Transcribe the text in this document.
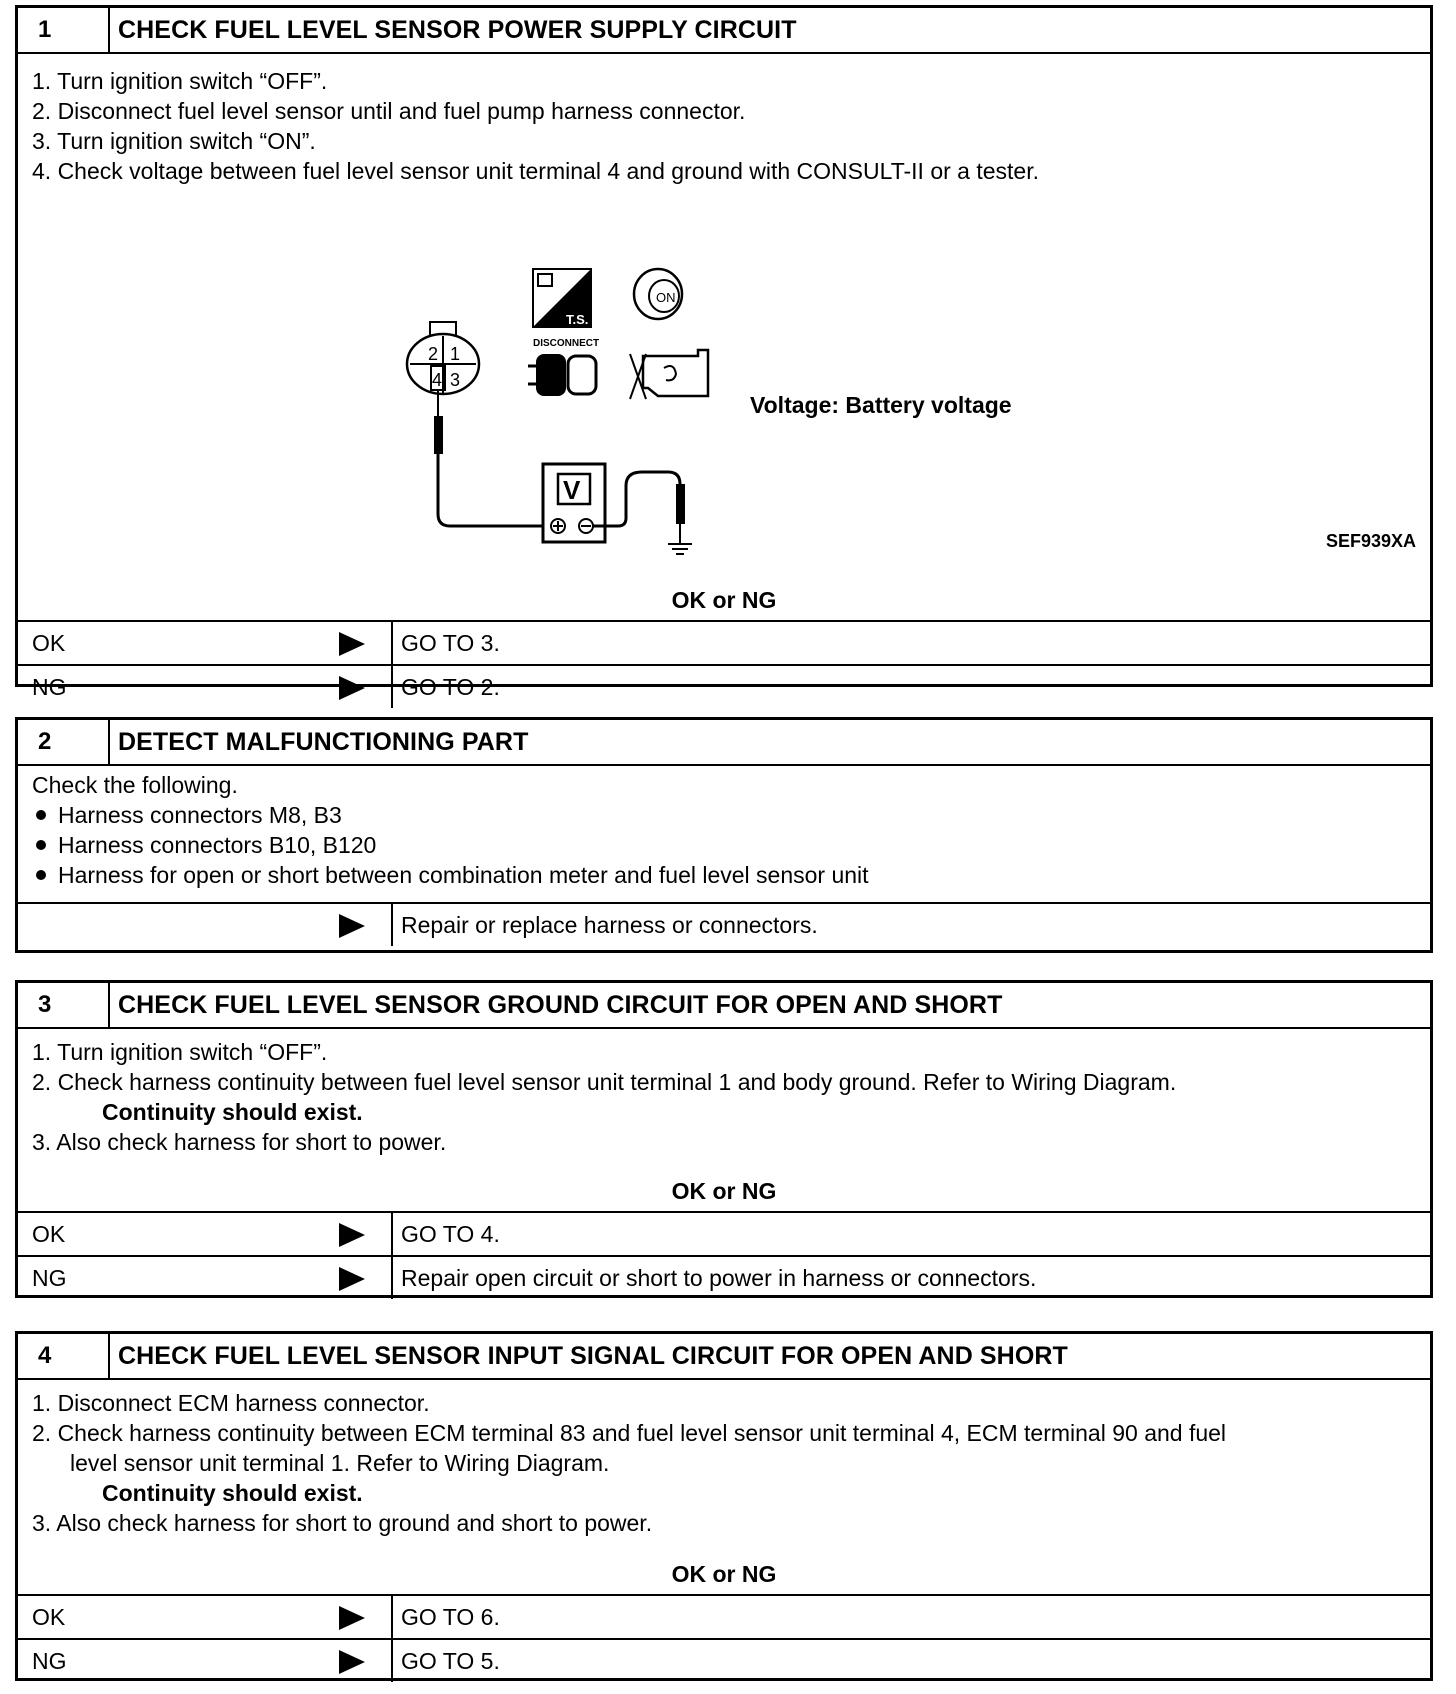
1	CHECK FUEL LEVEL SENSOR POWER SUPPLY CIRCUIT
1. Turn ignition switch “OFF”.
2. Disconnect fuel level sensor until and fuel pump harness connector.
3. Turn ignition switch “ON”.
4. Check voltage between fuel level sensor unit terminal 4 and ground with CONSULT-II or a tester.
T.S.
ON
DISCONNECT
2 1
4 3
V
Voltage: Battery voltage
SEF939XA
OK or NG
OK	GO TO 3.
NG	GO TO 2.
2	DETECT MALFUNCTIONING PART
Check the following.
Harness connectors M8, B3
Harness connectors B10, B120
Harness for open or short between combination meter and fuel level sensor unit
Repair or replace harness or connectors.
3	CHECK FUEL LEVEL SENSOR GROUND CIRCUIT FOR OPEN AND SHORT
1. Turn ignition switch “OFF”.
2. Check harness continuity between fuel level sensor unit terminal 1 and body ground. Refer to Wiring Diagram.
Continuity should exist.
3. Also check harness for short to power.
OK or NG
OK	GO TO 4.
NG	Repair open circuit or short to power in harness or connectors.
4	CHECK FUEL LEVEL SENSOR INPUT SIGNAL CIRCUIT FOR OPEN AND SHORT
1. Disconnect ECM harness connector.
2. Check harness continuity between ECM terminal 83 and fuel level sensor unit terminal 4, ECM terminal 90 and fuel
level sensor unit terminal 1. Refer to Wiring Diagram.
Continuity should exist.
3. Also check harness for short to ground and short to power.
OK or NG
OK	GO TO 6.
NG	GO TO 5.
